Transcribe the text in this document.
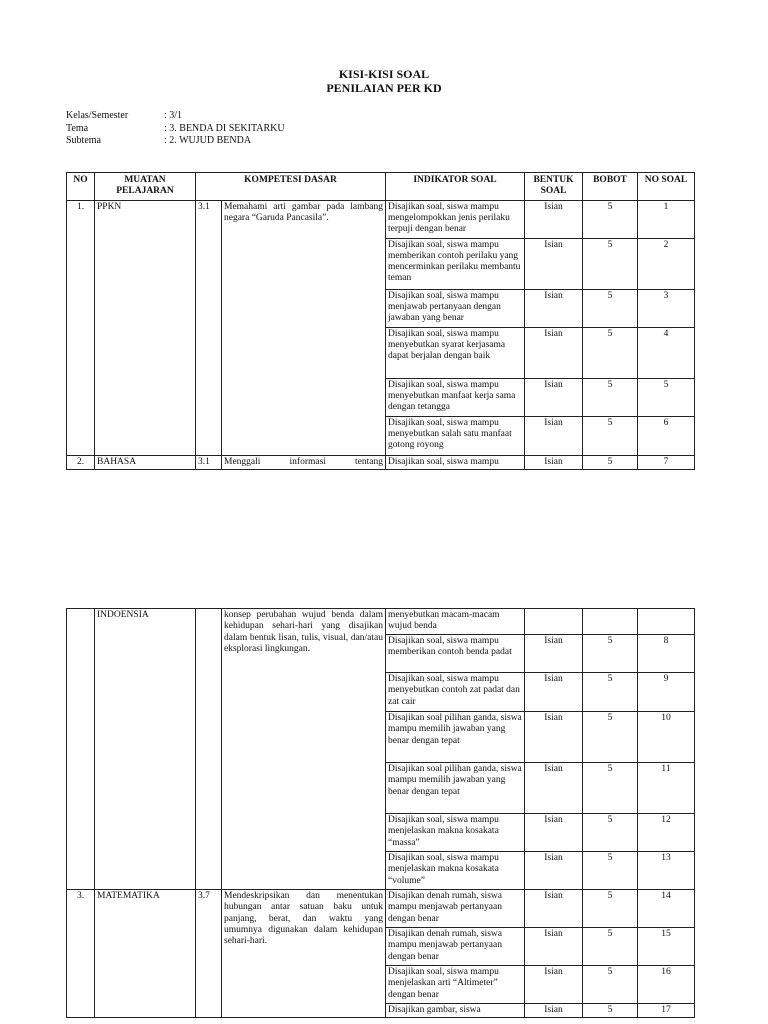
KISI-KISI SOAL
PENILAIAN PER KD
Kelas/Semester	: 3/1
Tema	: 3. BENDA DI SEKITARKU
Subtema	: 2. WUJUD BENDA
NO	MUATAN PELAJARAN	KOMPETESI DASAR		INDIKATOR SOAL	BENTUK SOAL	BOBOT	NO SOAL
1.	PPKN	3.1	Memahami arti gambar pada lambang negara “Garuda Pancasila”.	Disajikan soal, siswa mampu mengelompokkan jenis perilaku terpuji dengan benar	Isian	5	1
				Disajikan soal, siswa mampu memberikan contoh perilaku yang mencerminkan perilaku membantu teman	Isian	5	2
				Disajikan soal, siswa mampu menjawab pertanyaan dengan jawaban yang benar	Isian	5	3
				Disajikan soal, siswa mampu menyebutkan syarat kerjasama dapat berjalan dengan baik	Isian	5	4
				Disajikan soal, siswa mampu menyebutkan manfaat kerja sama dengan tetangga	Isian	5	5
				Disajikan soal, siswa mampu menyebutkan salah satu manfaat gotong royong	Isian	5	6
2.	BAHASA	3.1	Menggali informasi tentang	Disajikan soal, siswa mampu	Isian	5	7
	INDOENSIA		konsep perubahan wujud benda dalam kehidupan sehari-hari yang disajikan dalam bentuk lisan, tulis, visual, dan/atau eksplorasi lingkungan.	menyebutkan macam-macam wujud benda			
				Disajikan soal, siswa mampu memberikan contoh benda padat	Isian	5	8
				Disajikan soal, siswa mampu menyebutkan contoh zat padat dan zat cair	Isian	5	9
				Disajikan soal pilihan ganda, siswa mampu memilih jawaban yang benar dengan tepat	Isian	5	10
				Disajikan soal pilihan ganda, siswa mampu memilih jawaban yang benar dengan tepat	Isian	5	11
				Disajikan soal, siswa mampu menjelaskan makna kosakata “massa”	Isian	5	12
				Disajikan soal, siswa mampu menjelaskan makna kosakata “volume”	Isian	5	13
3.	MATEMATIKA	3.7	Mendeskripsikan dan menentukan hubungan antar satuan baku untuk panjang, berat, dan waktu yang umumnya digunakan dalam kehidupan sehari-hari.	Disajikan denah rumah, siswa mampu menjawab pertanyaan dengan benar	Isian	5	14
				Disajikan denah rumah, siswa mampu menjawab pertanyaan dengan benar	Isian	5	15
				Disajikan soal, siswa mampu menjelaskan arti “Altimeter” dengan benar	Isian	5	16
				Disajikan gambar, siswa	Isian	5	17
